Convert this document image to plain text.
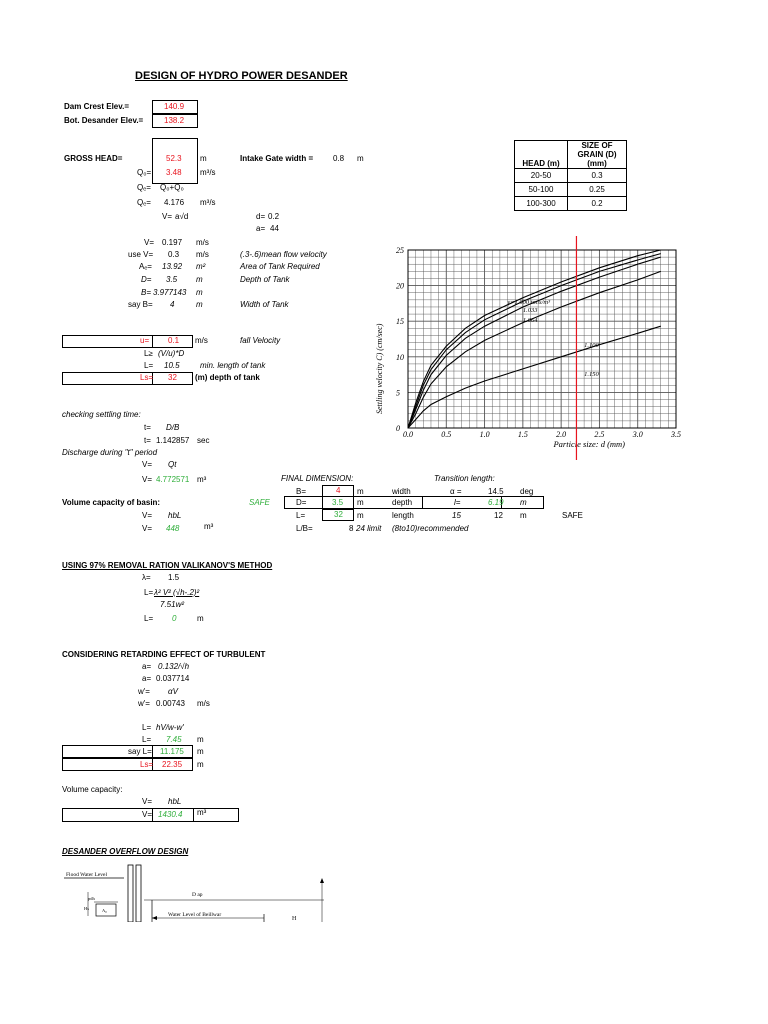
DESIGN OF HYDRO POWER DESANDER
Dam Crest Elev.=	140.9
Bot. Desander Elev.=	138.2
GROSS HEAD=	52.3 m	Intake Gate width = 0.8 m
Q₀= 3.48 m³/s
Qₑ= Q₀+Q₀
Qₑ= 4.176 m³/s
V= a√d	d= 0.2
a= 44
V= 0.197 m/s
use V= 0.3 m/s	(.3-.6)mean flow velocity
Aₑ= 13.92 m²	Area of Tank Required
D= 3.5 m	Depth of Tank
B= 3.977143 m
say B= 4	m	Width of Tank
u= 0.1 m/s	fall Velocity
L≥ (V/u)*D
L= 10.5	min. length of tank
Ls= 32 (m) depth of tank
checking settling time:
t= D/B
t= 1.142857 sec
Discharge during "t" period
V= Qt
V= 4.772571 m³	FINAL DIMENSION:	Transition length:
B=	4 m	width	α =	14.5 deg
Volume capacity of basin:	SAFE
V= hbL
D=	3.5 m	depth	l=	6.19 m
L=	32 m	length	15	12 m	SAFE
V= 448	m³	L/B=	8 24 limit (8to10)recommended
USING 97% REMOVAL RATION VALIKANOV'S METHOD
λ= 1.5
L= λ² V² (√h-.2)²
7.51w²
L= 0	m
CONSIDERING RETARDING EFFECT OF TURBULENT
a= 0.132/√h
a= 0.037714
w'= αV
w'= 0.00743 m/s
L= hV/w-w'
L= 7.45 m
say L= 11.175 m
Ls= 22.35 m
Volume capacity:
V= hbL
V= 1430.4 m³
DESANDER OVERFLOW DESIGN
Flood Water Level
Water Level of Beillwar
pdh
Hs	A₀
D ap
H
HEAD (m)	SIZE OF GRAIN (D) (mm)
20-50	0.3
50-100	0.25
100-300	0.2
0.0	0.5	1.0	1.5	2.0	2.5	3.0	3.5
0
5
10
15
20
25
Particle size: d (mm)
Settling velocity C) (cm/sec)
γ=1.000 tons/m³
1.033
1.064
1.100
1.150
